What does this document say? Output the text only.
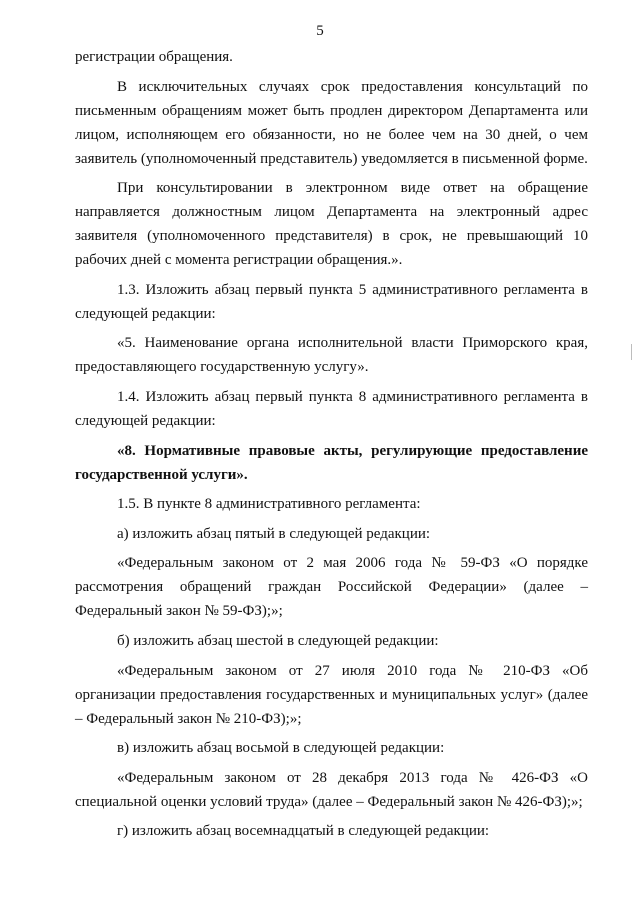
5

регистрации обращения.

В исключительных случаях срок предоставления консультаций по письменным обращениям может быть продлен директором Департамента или лицом, исполняющем его обязанности, но не более чем на 30 дней, о чем заявитель (уполномоченный представитель) уведомляется в письменной форме.

При консультировании в электронном виде ответ на обращение направляется должностным лицом Департамента на электронный адрес заявителя (уполномоченного представителя) в срок, не превышающий 10 рабочих дней с момента регистрации обращения.».

1.3. Изложить абзац первый пункта 5 административного регламента в следующей редакции:

«5. Наименование органа исполнительной власти Приморского края, предоставляющего государственную услугу».

1.4. Изложить абзац первый пункта 8 административного регламента в следующей редакции:

«8. Нормативные правовые акты, регулирующие предоставление государственной услуги».

1.5. В пункте 8 административного регламента:

а) изложить абзац пятый в следующей редакции:

«Федеральным законом от 2 мая 2006 года № 59-ФЗ «О порядке рассмотрения обращений граждан Российской Федерации» (далее – Федеральный закон № 59-ФЗ);»;

б) изложить абзац шестой в следующей редакции:

«Федеральным законом от 27 июля 2010 года № 210-ФЗ «Об организации предоставления государственных и муниципальных услуг» (далее – Федеральный закон № 210-ФЗ);»;

в) изложить абзац восьмой в следующей редакции:

«Федеральным законом от 28 декабря 2013 года № 426-ФЗ «О специальной оценки условий труда» (далее – Федеральный закон № 426-ФЗ);»;

г) изложить абзац восемнадцатый в следующей редакции:
